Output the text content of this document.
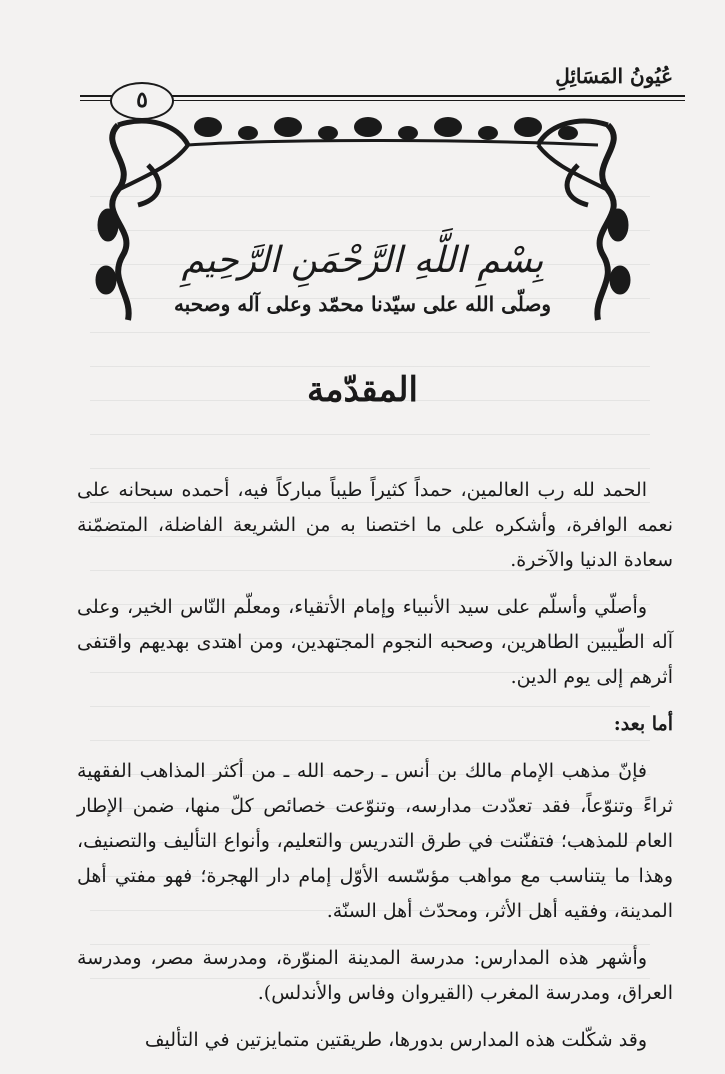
عُيُونُ المَسَائِلِ
٥
بِسْمِ اللَّهِ الرَّحْمَنِ الرَّحِيمِ
وصلّى الله على سيّدنا محمّد وعلى آله وصحبه
المقدّمة

الحمد لله رب العالمين، حمداً كثيراً طيباً مباركاً فيه، أحمده سبحانه على نعمه الوافرة، وأشكره على ما اختصنا به من الشريعة الفاضلة، المتضمّنة سعادة الدنيا والآخرة.

وأصلّي وأسلّم على سيد الأنبياء وإمام الأتقياء، ومعلّم النّاس الخير، وعلى آله الطّيبين الطاهرين، وصحبه النجوم المجتهدين، ومن اهتدى بهديهم واقتفى أثرهم إلى يوم الدين.

أما بعد:

فإنّ مذهب الإمام مالك بن أنس ـ رحمه الله ـ من أكثر المذاهب الفقهية ثراءً وتنوّعاً، فقد تعدّدت مدارسه، وتنوّعت خصائص كلّ منها، ضمن الإطار العام للمذهب؛ فتفنّنت في طرق التدريس والتعليم، وأنواع التأليف والتصنيف، وهذا ما يتناسب مع مواهب مؤسّسه الأوّل إمام دار الهجرة؛ فهو مفتي أهل المدينة، وفقيه أهل الأثر، ومحدّث أهل السنّة.

وأشهر هذه المدارس: مدرسة المدينة المنوّرة، ومدرسة مصر، ومدرسة العراق، ومدرسة المغرب (القيروان وفاس والأندلس).

وقد شكّلت هذه المدارس بدورها، طريقتين متمايزتين في التأليف
